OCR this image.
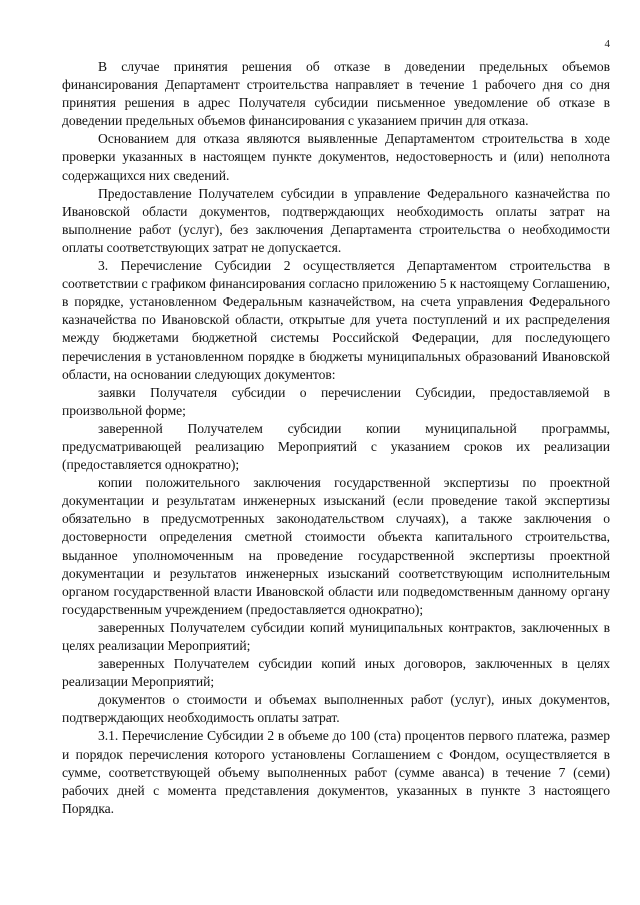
4

В случае принятия решения об отказе в доведении предельных объемов финансирования Департамент строительства направляет в течение 1 рабочего дня со дня принятия решения в адрес Получателя субсидии письменное уведомление об отказе в доведении предельных объемов финансирования с указанием причин для отказа.

Основанием для отказа являются выявленные Департаментом строительства в ходе проверки указанных в настоящем пункте документов, недостоверность и (или) неполнота содержащихся них сведений.

Предоставление Получателем субсидии в управление Федерального казначейства по Ивановской области документов, подтверждающих необходимость оплаты затрат на выполнение работ (услуг), без заключения Департамента строительства о необходимости оплаты соответствующих затрат не допускается.

3. Перечисление Субсидии 2 осуществляется Департаментом строительства в соответствии с графиком финансирования согласно приложению 5 к настоящему Соглашению, в порядке, установленном Федеральным казначейством, на счета управления Федерального казначейства по Ивановской области, открытые для учета поступлений и их распределения между бюджетами бюджетной системы Российской Федерации, для последующего перечисления в установленном порядке в бюджеты муниципальных образований Ивановской области, на основании следующих документов:

заявки Получателя субсидии о перечислении Субсидии, предоставляемой в произвольной форме;

заверенной Получателем субсидии копии муниципальной программы, предусматривающей реализацию Мероприятий с указанием сроков их реализации (предоставляется однократно);

копии положительного заключения государственной экспертизы по проектной документации и результатам инженерных изысканий (если проведение такой экспертизы обязательно в предусмотренных законодательством случаях), а также заключения о достоверности определения сметной стоимости объекта капитального строительства, выданное уполномоченным на проведение государственной экспертизы проектной документации и результатов инженерных изысканий соответствующим исполнительным органом государственной власти Ивановской области или подведомственным данному органу государственным учреждением (предоставляется однократно);

заверенных Получателем субсидии копий муниципальных контрактов, заключенных в целях реализации Мероприятий;

заверенных Получателем субсидии копий иных договоров, заключенных в целях реализации Мероприятий;

документов о стоимости и объемах выполненных работ (услуг), иных документов, подтверждающих необходимость оплаты затрат.

3.1. Перечисление Субсидии 2 в объеме до 100 (ста) процентов первого платежа, размер и порядок перечисления которого установлены Соглашением с Фондом, осуществляется в сумме, соответствующей объему выполненных работ (сумме аванса) в течение 7 (семи) рабочих дней с момента представления документов, указанных в пункте 3 настоящего Порядка.
